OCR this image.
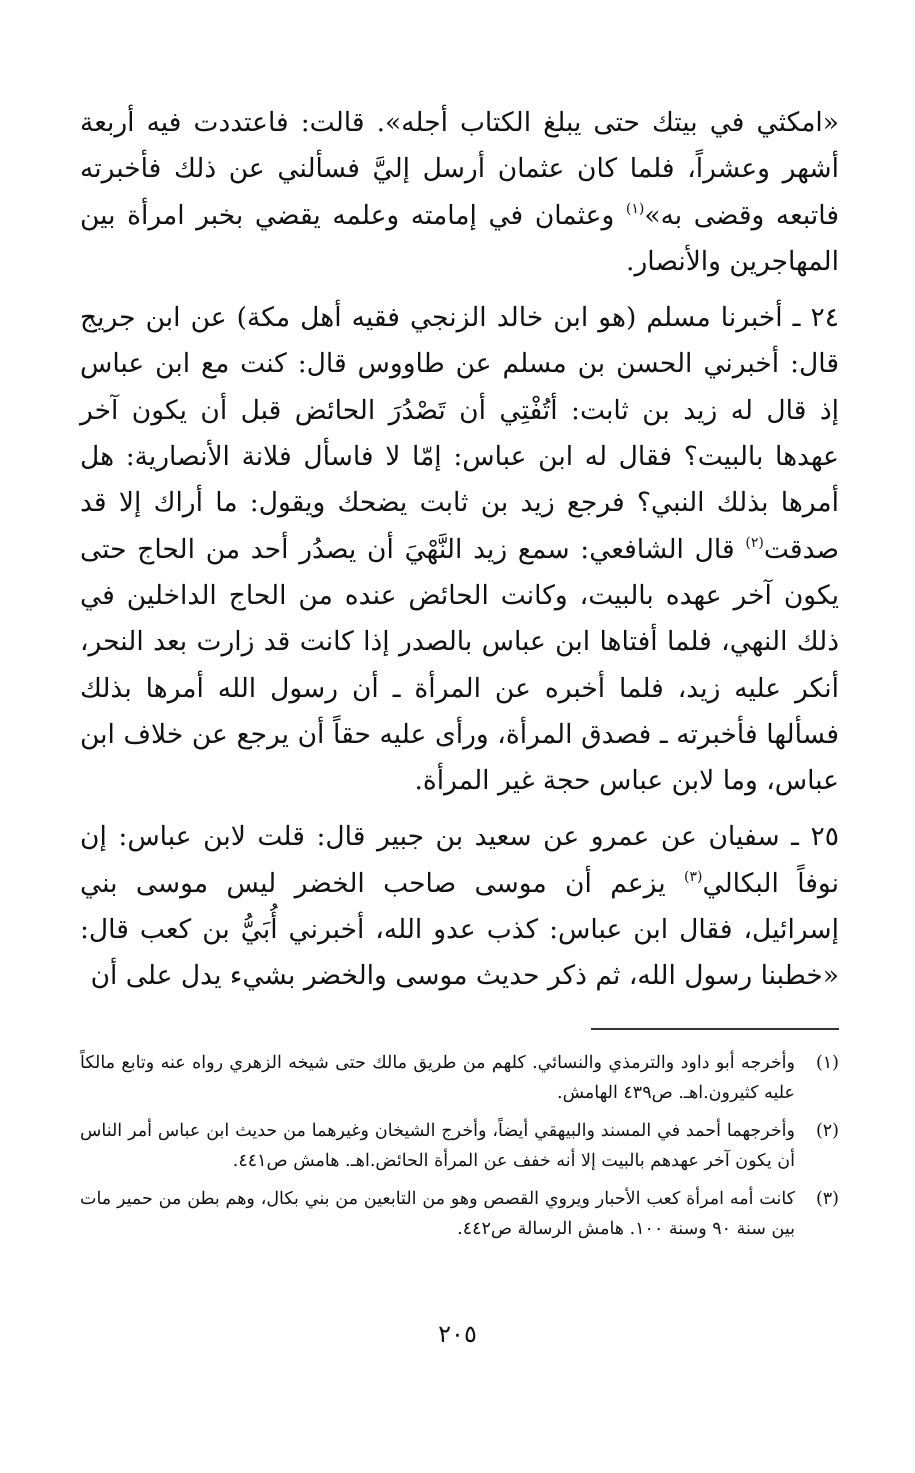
«امكثي في بيتك حتى يبلغ الكتاب أجله». قالت: فاعتددت فيه أربعة أشهر وعشراً، فلما كان عثمان أرسل إليَّ فسألني عن ذلك فأخبرته فاتبعه وقضى به»$^{(١)}$ وعثمان في إمامته وعلمه يقضي بخبر امرأة بين المهاجرين والأنصار.

٢٤ ـ أخبرنا مسلم (هو ابن خالد الزنجي فقيه أهل مكة) عن ابن جريج قال: أخبرني الحسن بن مسلم عن طاووس قال: كنت مع ابن عباس إذ قال له زيد بن ثابت: أتُفْتِي أن تَصْدُرَ الحائض قبل أن يكون آخر عهدها بالبيت؟ فقال له ابن عباس: إمّا لا فاسأل فلانة الأنصارية: هل أمرها بذلك النبي؟ فرجع زيد بن ثابت يضحك ويقول: ما أراك إلا قد صدقت$^{(٢)}$ قال الشافعي: سمع زيد النَّهْيَ أن يصدُر أحد من الحاج حتى يكون آخر عهده بالبيت، وكانت الحائض عنده من الحاج الداخلين في ذلك النهي، فلما أفتاها ابن عباس بالصدر إذا كانت قد زارت بعد النحر، أنكر عليه زيد، فلما أخبره عن المرأة ـ أن رسول الله أمرها بذلك فسألها فأخبرته ـ فصدق المرأة، ورأى عليه حقاً أن يرجع عن خلاف ابن عباس، وما لابن عباس حجة غير المرأة.

٢٥ ـ سفيان عن عمرو عن سعيد بن جبير قال: قلت لابن عباس: إن نوفاً البكالي$^{(٣)}$ يزعم أن موسى صاحب الخضر ليس موسى بني إسرائيل، فقال ابن عباس: كذب عدو الله، أخبرني أُبَيُّ بن كعب قال: «خطبنا رسول الله، ثم ذكر حديث موسى والخضر بشيء يدل على أن

(١)
وأخرجه أبو داود والترمذي والنسائي. كلهم من طريق مالك حتى شيخه الزهري رواه عنه وتابع مالكاً عليه كثيرون.اهـ. ص٤٣٩ الهامش.
(٢)
وأخرجهما أحمد في المسند والبيهقي أيضاً، وأخرج الشيخان وغيرهما من حديث ابن عباس أمر الناس أن يكون آخر عهدهم بالبيت إلا أنه خفف عن المرأة الحائض.اهـ. هامش ص٤٤١.
(٣)
كانت أمه امرأة كعب الأحبار ويروي القصص وهو من التابعين من بني بكال، وهم بطن من حمير مات بين سنة ٩٠ وسنة ١٠٠. هامش الرسالة ص٤٤٢.
٢٠٥
